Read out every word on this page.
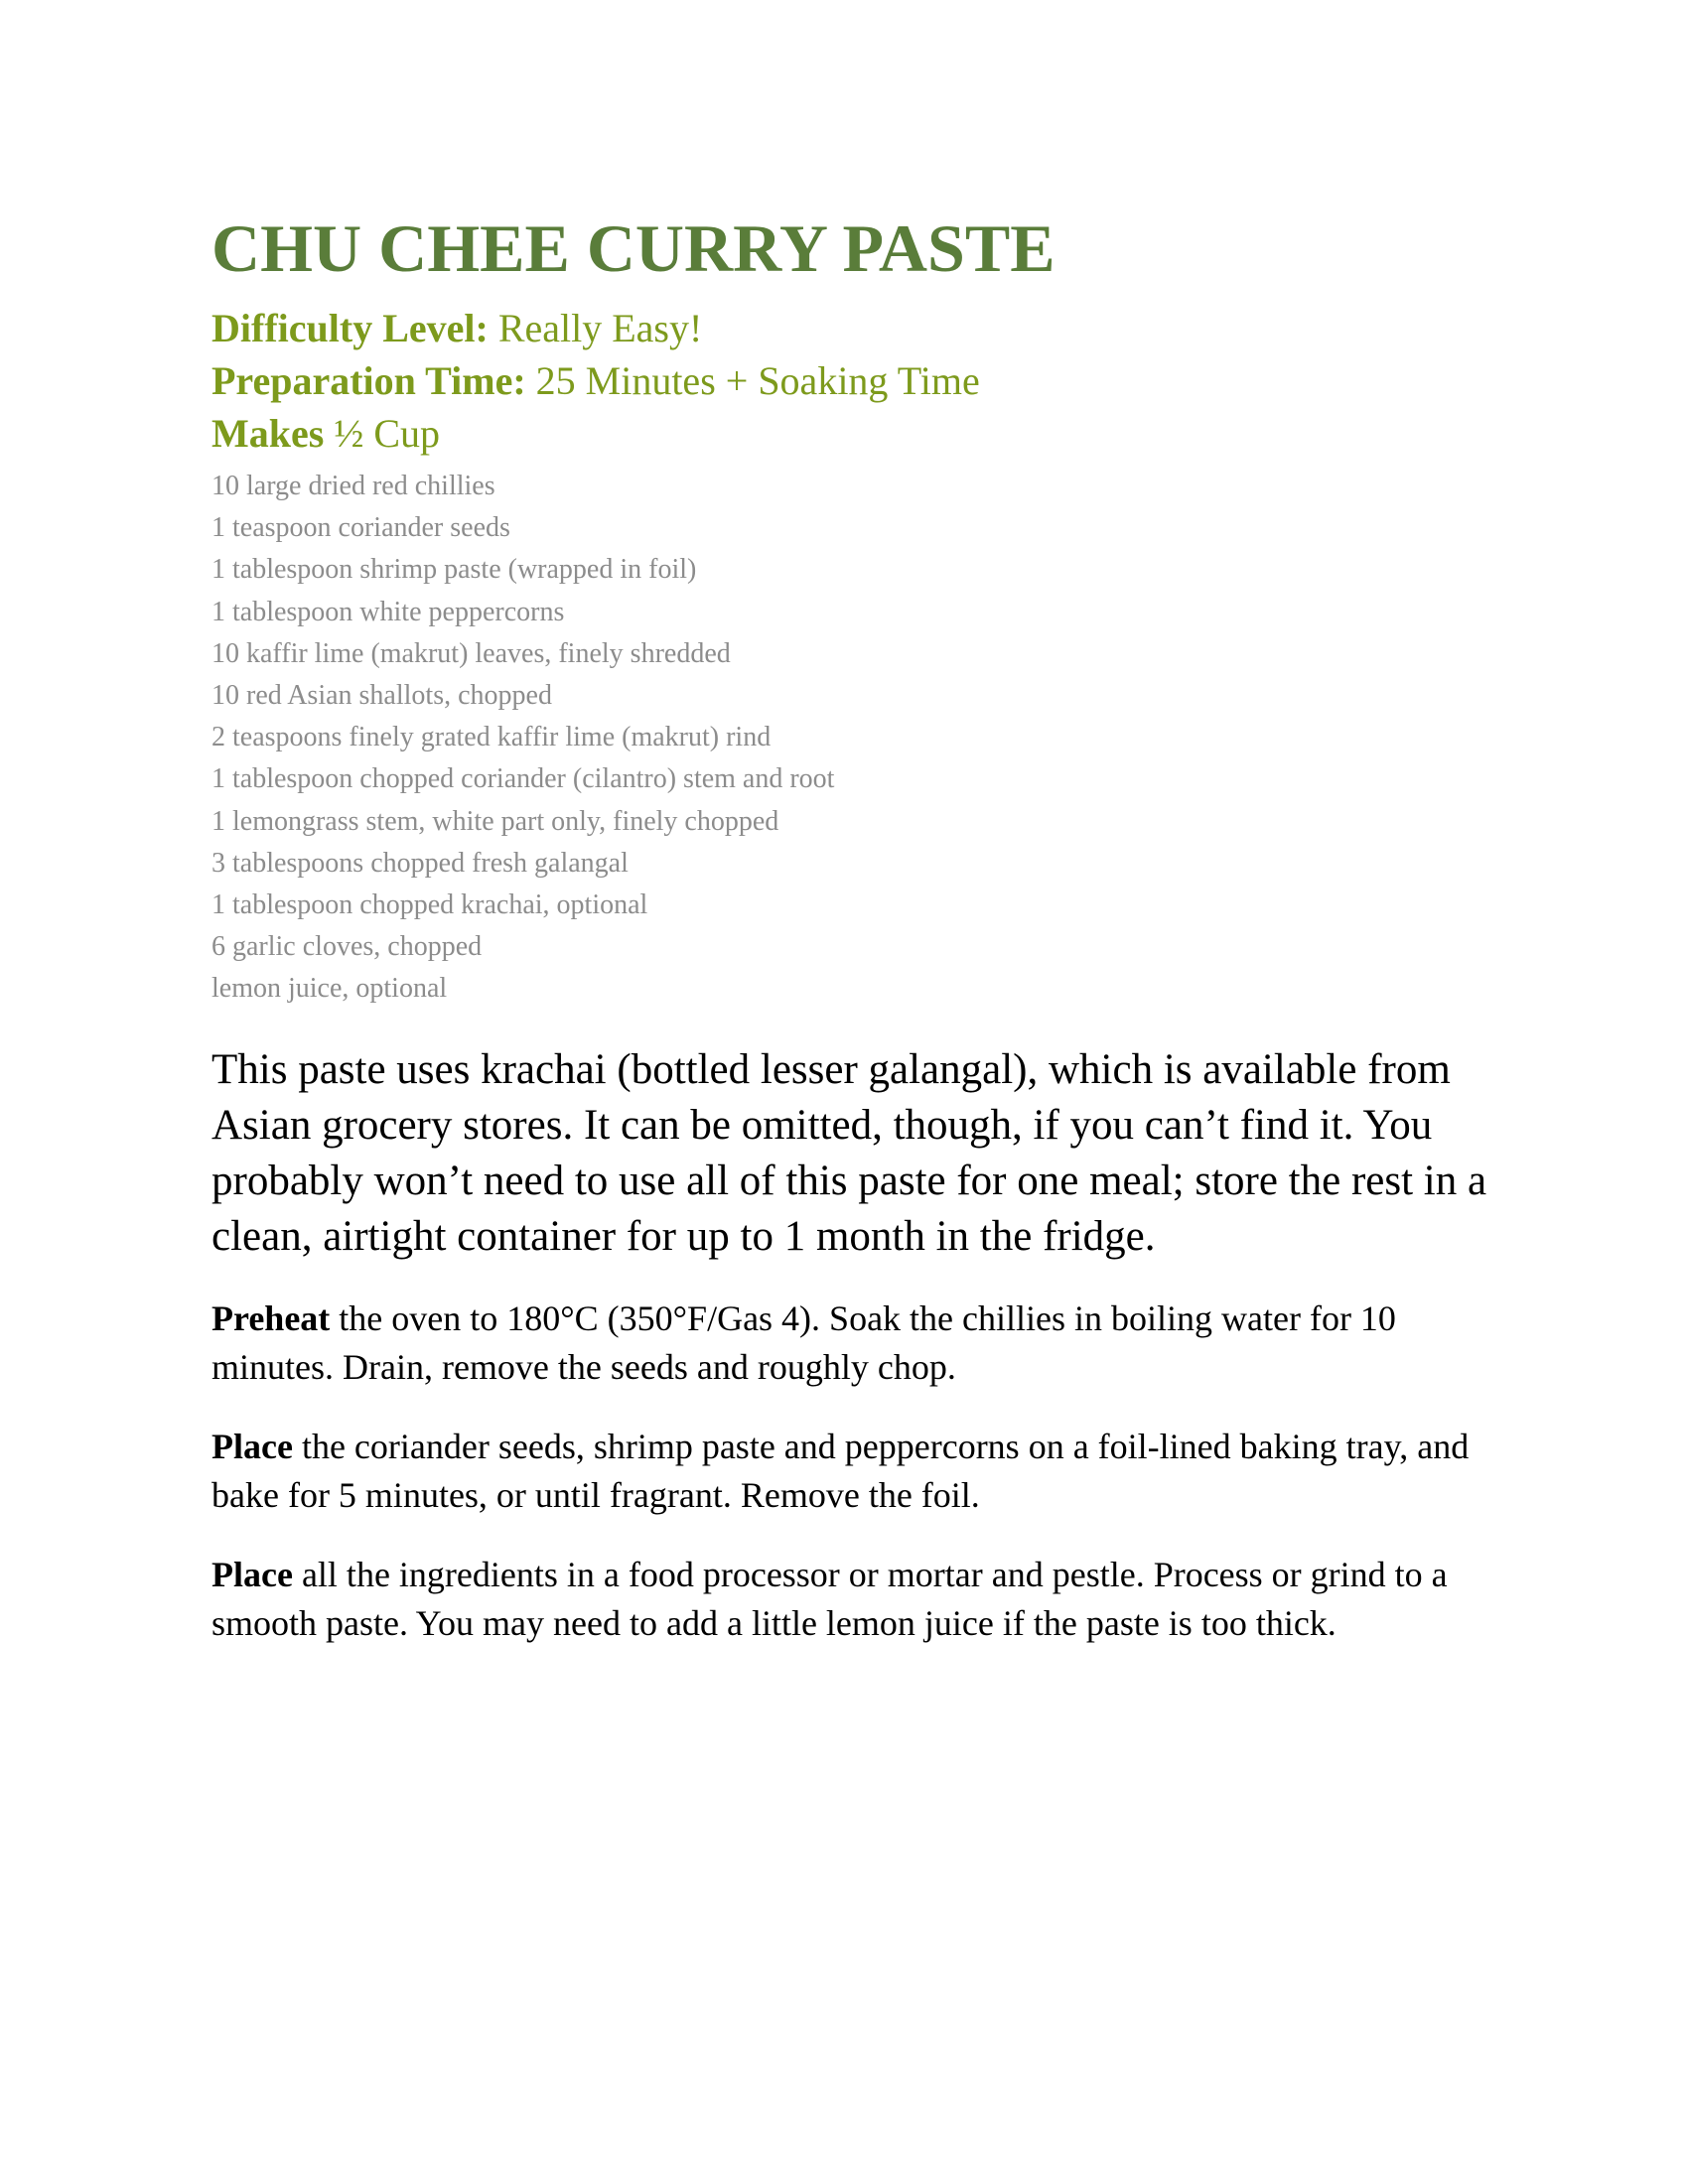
CHU CHEE CURRY PASTE
Difficulty Level: Really Easy!
Preparation Time: 25 Minutes + Soaking Time
Makes ½ Cup
10 large dried red chillies
1 teaspoon coriander seeds
1 tablespoon shrimp paste (wrapped in foil)
1 tablespoon white peppercorns
10 kaffir lime (makrut) leaves, finely shredded
10 red Asian shallots, chopped
2 teaspoons finely grated kaffir lime (makrut) rind
1 tablespoon chopped coriander (cilantro) stem and root
1 lemongrass stem, white part only, finely chopped
3 tablespoons chopped fresh galangal
1 tablespoon chopped krachai, optional
6 garlic cloves, chopped
lemon juice, optional

This paste uses krachai (bottled lesser galangal), which is available from Asian grocery stores. It can be omitted, though, if you can’t find it. You probably won’t need to use all of this paste for one meal; store the rest in a clean, airtight container for up to 1 month in the fridge.

Preheat the oven to 180°C (350°F/Gas 4). Soak the chillies in boiling water for 10 minutes. Drain, remove the seeds and roughly chop.

Place the coriander seeds, shrimp paste and peppercorns on a foil-lined baking tray, and bake for 5 minutes, or until fragrant. Remove the foil.

Place all the ingredients in a food processor or mortar and pestle. Process or grind to a smooth paste. You may need to add a little lemon juice if the paste is too thick.
